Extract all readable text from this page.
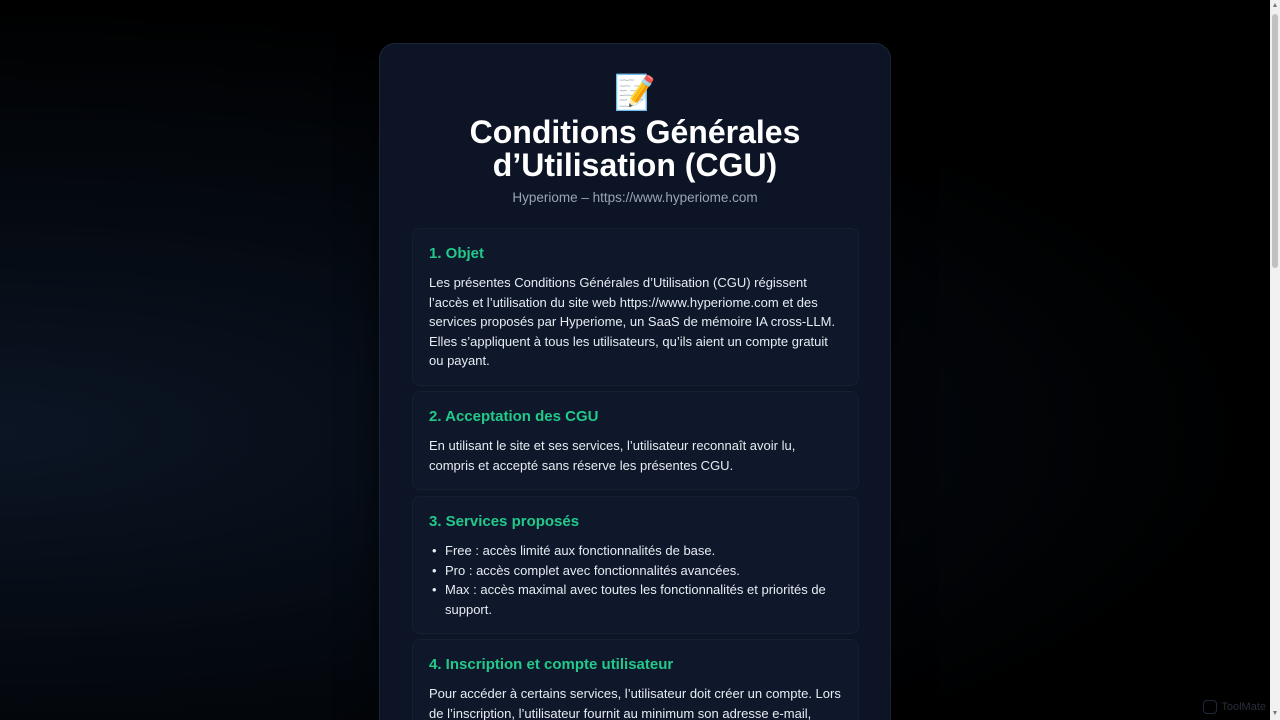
📝
Conditions Générales d’Utilisation (CGU)
Hyperiome – https://www.hyperiome.com
1. Objet

Les présentes Conditions Générales d’Utilisation (CGU) régissent l’accès et l’utilisation du site web https://www.hyperiome.com et des services proposés par Hyperiome, un SaaS de mémoire IA cross-LLM. Elles s’appliquent à tous les utilisateurs, qu’ils aient un compte gratuit ou payant.

2. Acceptation des CGU

En utilisant le site et ses services, l’utilisateur reconnaît avoir lu, compris et accepté sans réserve les présentes CGU.

3. Services proposés
• Free : accès limité aux fonctionnalités de base.
• Pro : accès complet avec fonctionnalités avancées.
• Max : accès maximal avec toutes les fonctionnalités et priorités de support.
4. Inscription et compte utilisateur

Pour accéder à certains services, l’utilisateur doit créer un compte. Lors de l’inscription, l’utilisateur fournit au minimum son adresse e-mail,

▲
▼
ToolMate
